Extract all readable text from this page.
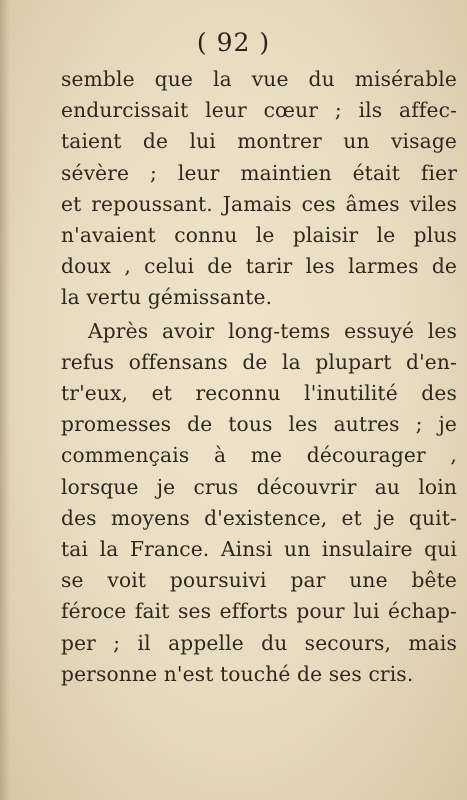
( 92 )
semble que la vue du misérable
endurcissait leur cœur ; ils affec-
taient de lui montrer un visage
sévère ; leur maintien était fier
et repoussant. Jamais ces âmes viles
n'avaient connu le plaisir le plus
doux , celui de tarir les larmes de
la vertu gémissante.
Après avoir long-tems essuyé les
refus offensans de la plupart d'en-
tr'eux, et reconnu l'inutilité des
promesses de tous les autres ; je
commençais à me décourager ,
lorsque je crus découvrir au loin
des moyens d'existence, et je quit-
tai la France. Ainsi un insulaire qui
se voit poursuivi par une bête
féroce fait ses efforts pour lui échap-
per ; il appelle du secours, mais
personne n'est touché de ses cris.
